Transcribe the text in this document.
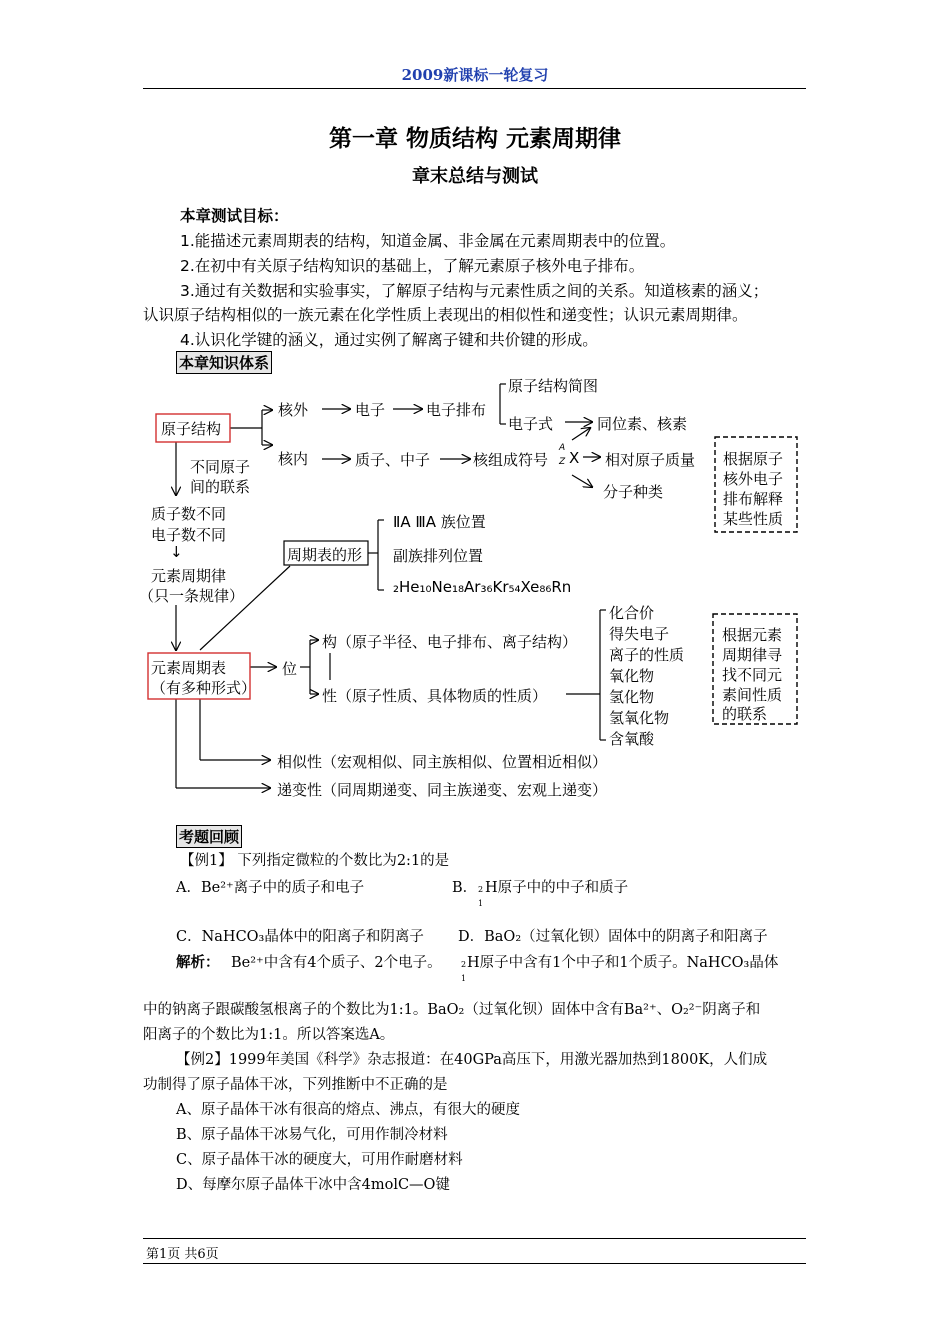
2009新课标一轮复习
第一章 物质结构 元素周期律
章末总结与测试
本章测试目标：
1.能描述元素周期表的结构，知道金属、非金属在元素周期表中的位置。
2.在初中有关原子结构知识的基础上，了解元素原子核外电子排布。
3.通过有关数据和实验事实，了解原子结构与元素性质之间的关系。知道核素的涵义；
认识原子结构相似的一族元素在化学性质上表现出的相似性和递变性；认识元素周期律。
4.认识化学键的涵义，通过实例了解离子键和共价键的形成。
本章知识体系
原子结构
核外
核内
电子	电子排布
原子结构简图
电子式	同位素、核素
质子、中子	核组成符号
A
Z X 相对原子质量
分子种类
不同原子
间的联系
质子数不同
电子数不同
↓
元素周期律
（只一条规律）
周期表的形
ⅡA ⅢA 族位置
副族排列位置
₂He₁₀Ne₁₈Ar₃₆Kr₅₄Xe₈₆Rn
元素周期表
（有多种形式）
位
构（原子半径、电子排布、离子结构）
性（原子性质、具体物质的性质）
化合价
得失电子
离子的性质
氧化物
氢化物
氢氧化物
含氧酸
根据原子
核外电子
排布解释
某些性质
根据元素
周期律寻
找不同元
素间性质
的联系
相似性（宏观相似、同主族相似、位置相近相似）
递变性（同周期递变、同主族递变、宏观上递变）
考题回顾
【例1】 下列指定微粒的个数比为2:1的是
A．Be²⁺离子中的质子和电子	B． 2
1
H原子中的中子和质子
C．NaHCO₃晶体中的阳离子和阴离子 D．BaO₂（过氧化钡）固体中的阴离子和阳离子
解析： Be²⁺中含有4个质子、2个电子。 2
1
H原子中含有1个中子和1个质子。NaHCO₃晶体
中的钠离子跟碳酸氢根离子的个数比为1:1。BaO₂（过氧化钡）固体中含有Ba²⁺、O₂²⁻阴离子和
阳离子的个数比为1:1。所以答案选A。
【例2】1999年美国《科学》杂志报道：在40GPa高压下，用激光器加热到1800K，人们成
功制得了原子晶体干冰，下列推断中不正确的是
A、原子晶体干冰有很高的熔点、沸点，有很大的硬度
B、原子晶体干冰易气化，可用作制冷材料
C、原子晶体干冰的硬度大，可用作耐磨材料
D、每摩尔原子晶体干冰中含4molC—O键
第1页 共6页
